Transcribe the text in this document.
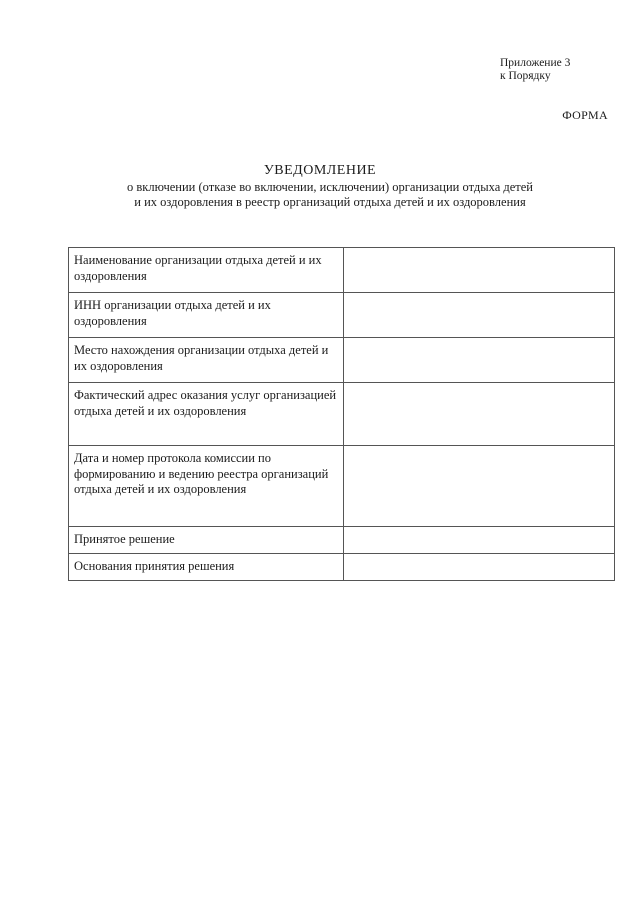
Приложение 3
к Порядку
ФОРМА
УВЕДОМЛЕНИЕ
о включении (отказе во включении, исключении) организации отдыха детей
и их оздоровления в реестр организаций отдыха детей и их оздоровления
Наименование организации отдыха детей и их оздоровления	
ИНН организации отдыха детей и их оздоровления	
Место нахождения организации отдыха детей и их оздоровления	
Фактический адрес оказания услуг организацией отдыха детей и их оздоровления	
Дата и номер протокола комиссии по формированию и ведению реестра организаций отдыха детей и их оздоровления	
Принятое решение	
Основания принятия решения	
